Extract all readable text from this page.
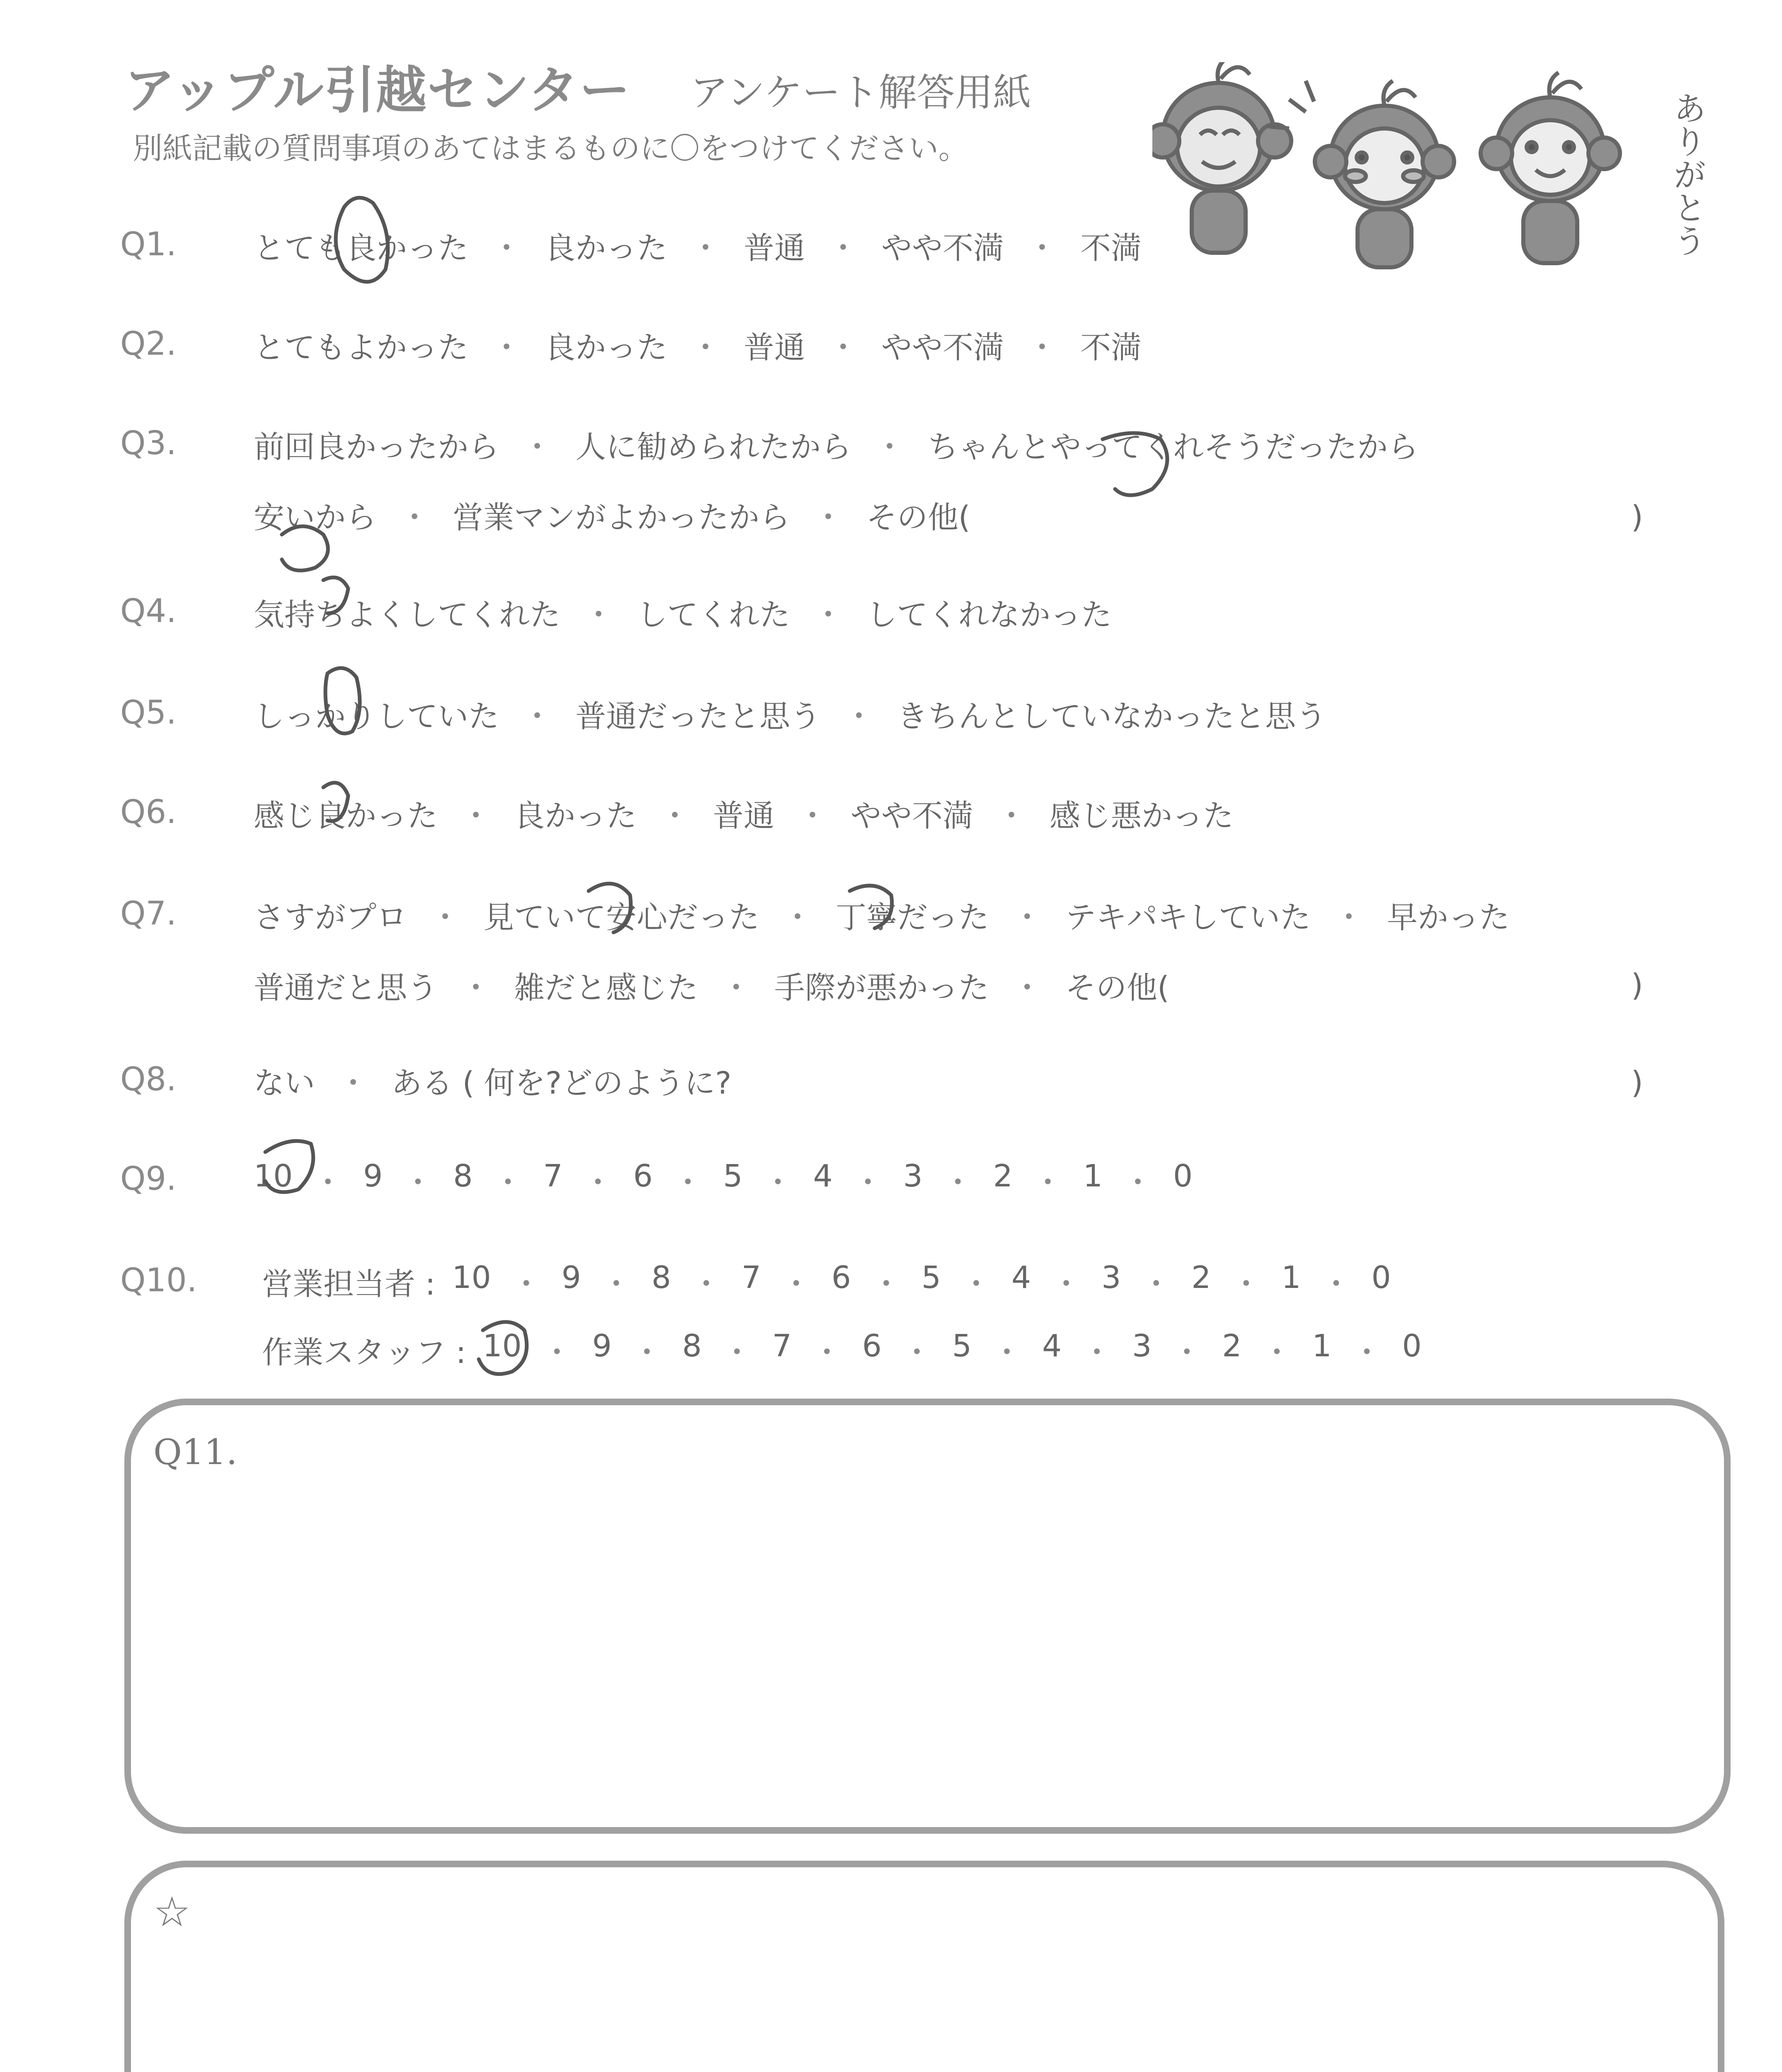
アップル引越センター アンケート解答用紙
別紙記載の質問事項のあてはまるものに〇をつけてください。	ありがとう
Q1.	とても良かった ・ 良かった ・ 普通 ・ やや不満 ・ 不満
Q2.	とてもよかった ・ 良かった ・ 普通 ・ やや不満 ・ 不満
Q3.	前回良かったから ・ 人に勧められたから ・ ちゃんとやってくれそうだったから
安いから ・ 営業マンがよかったから ・ その他(	)
Q4.	気持ちよくしてくれた ・ してくれた ・ してくれなかった
Q5.	しっかりしていた ・ 普通だったと思う ・ きちんとしていなかったと思う
Q6.	感じ良かった ・ 良かった ・ 普通 ・ やや不満 ・ 感じ悪かった
Q7.	さすがプロ ・ 見ていて安心だった ・ 丁寧だった ・ テキパキしていた ・ 早かった
普通だと思う ・ 雑だと感じた ・ 手際が悪かった ・ その他(	)
Q8.	ない ・ ある ( 何を?どのように?	)
Q9.	10 ・ 9 ・ 8 ・ 7 ・ 6 ・ 5 ・ 4 ・ 3 ・ 2 ・ 1 ・ 0
Q10. 営業担当者 : 10 ・ 9 ・ 8 ・ 7 ・ 6 ・ 5 ・ 4 ・ 3 ・ 2 ・ 1 ・ 0
作業スタッフ : 10 ・ 9 ・ 8 ・ 7 ・ 6 ・ 5 ・ 4 ・ 3 ・ 2 ・ 1 ・ 0
Q11.
☆
